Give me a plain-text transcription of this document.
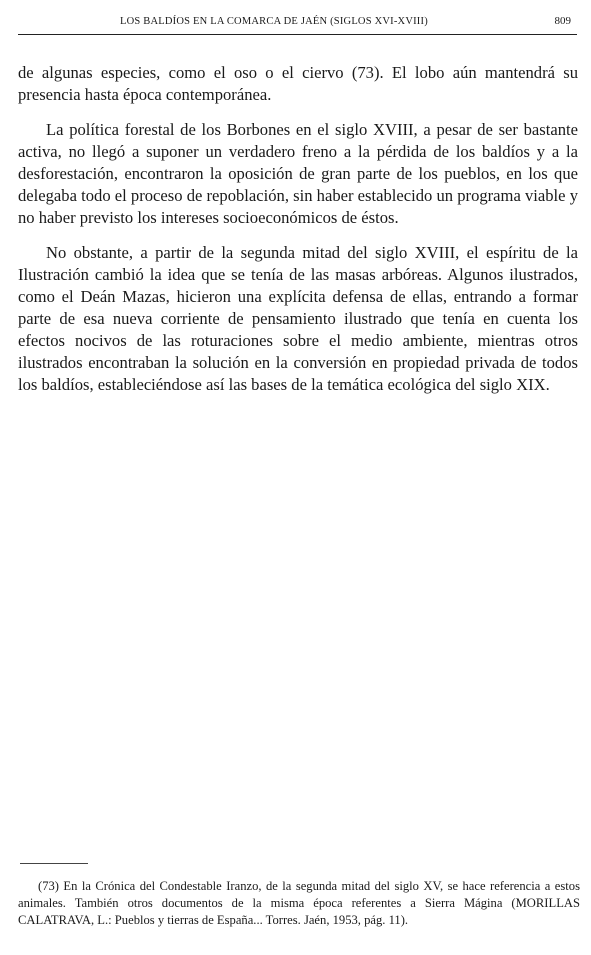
LOS BALDÍOS EN LA COMARCA DE JAÉN (SIGLOS XVI-XVIII)	809

de algunas especies, como el oso o el ciervo (73). El lobo aún mantendrá su presencia hasta época contemporánea.

La política forestal de los Borbones en el siglo XVIII, a pesar de ser bastante activa, no llegó a suponer un verdadero freno a la pérdida de los baldíos y a la desforestación, encontraron la oposición de gran parte de los pueblos, en los que delegaba todo el proceso de repoblación, sin haber establecido un programa viable y no haber previsto los intereses socioeconómicos de éstos.

No obstante, a partir de la segunda mitad del siglo XVIII, el espíritu de la Ilustración cambió la idea que se tenía de las masas arbóreas. Algunos ilustrados, como el Deán Mazas, hicieron una explícita defensa de ellas, entrando a formar parte de esa nueva corriente de pensamiento ilustrado que tenía en cuenta los efectos nocivos de las roturaciones sobre el medio ambiente, mientras otros ilustrados encontraban la solución en la conversión en propiedad privada de todos los baldíos, estableciéndose así las bases de la temática ecológica del siglo XIX.

(73) En la Crónica del Condestable Iranzo, de la segunda mitad del siglo XV, se hace referencia a estos animales. También otros documentos de la misma época referentes a Sierra Mágina (MORILLAS CALATRAVA, L.: Pueblos y tierras de España... Torres. Jaén, 1953, pág. 11).
